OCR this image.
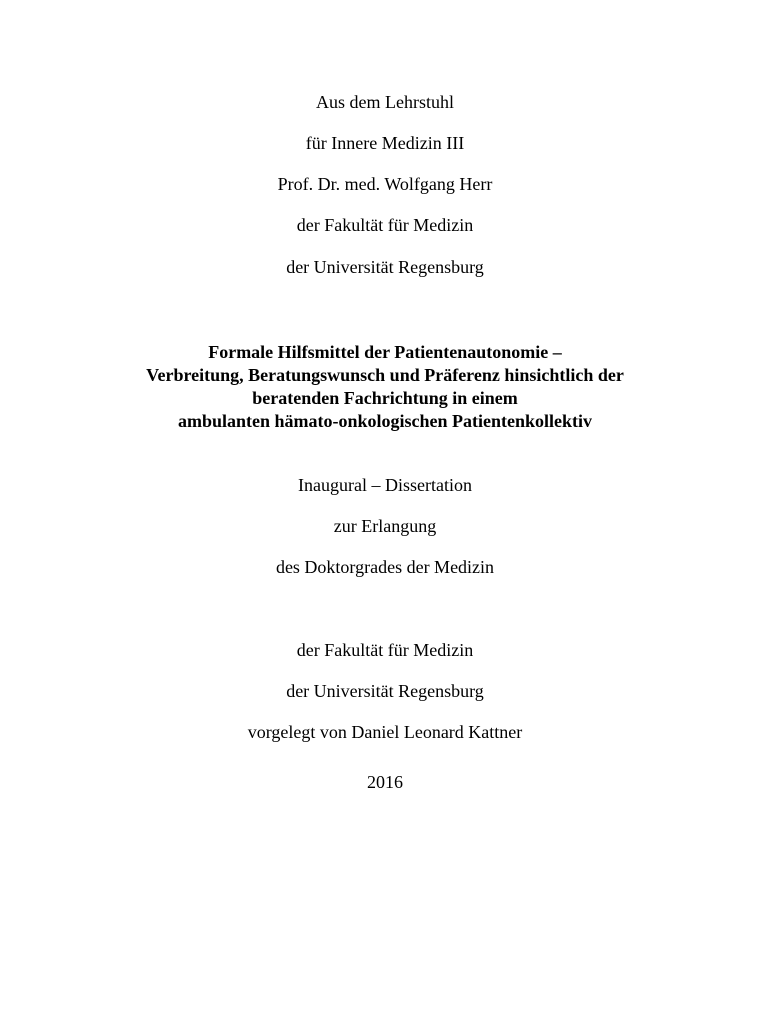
Aus dem Lehrstuhl
für Innere Medizin III
Prof. Dr. med. Wolfgang Herr
der Fakultät für Medizin
der Universität Regensburg
Formale Hilfsmittel der Patientenautonomie –
Verbreitung, Beratungswunsch und Präferenz hinsichtlich der
beratenden Fachrichtung in einem
ambulanten hämato-onkologischen Patientenkollektiv
Inaugural – Dissertation
zur Erlangung
des Doktorgrades der Medizin
der Fakultät für Medizin
der Universität Regensburg
vorgelegt von Daniel Leonard Kattner
2016
